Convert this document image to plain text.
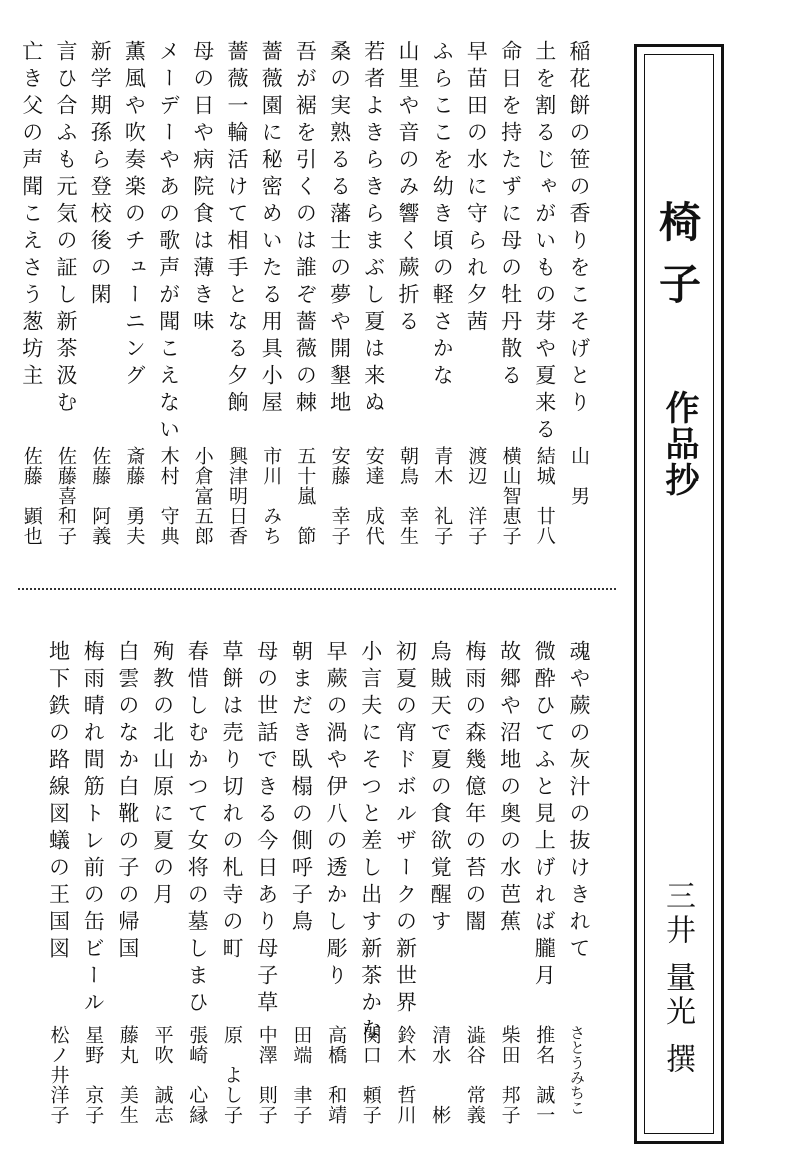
椅子
作品抄
三井 量光 撰
稲花餅の笹の香りをこそげとり
山　男
土を割るじゃがいもの芽や夏来る
結城　廿八
命日を持たずに母の牡丹散る
横山智恵子
早苗田の水に守られ夕茜
渡辺　洋子
ふらここを幼き頃の軽さかな
青木　礼子
山里や音のみ響く蕨折る
朝鳥　幸生
若者よきらきらまぶし夏は来ぬ
安達　成代
桑の実熟るる藩士の夢や開墾地
安藤　幸子
吾が裾を引くのは誰ぞ薔薇の棘
五十嵐　節
薔薇園に秘密めいたる用具小屋
市川　みち
薔薇一輪活けて相手となる夕餉
興津明日香
母の日や病院食は薄き味
小倉富五郎
メーデーやあの歌声が聞こえない
木村　守典
薫風や吹奏楽のチューニング
斎藤　勇夫
新学期孫ら登校後の閑
佐藤　阿義
言ひ合ふも元気の証し新茶汲む
佐藤喜和子
亡き父の声聞こえさう葱坊主
佐藤　顕也
魂や蕨の灰汁の抜けきれて
さとうみちこ
微酔ひてふと見上げれば朧月
推名　誠一
故郷や沼地の奥の水芭蕉
柴田　邦子
梅雨の森幾億年の苔の闇
澁谷　常義
烏賊天で夏の食欲覚醒す
清水　　彬
初夏の宵ドボルザークの新世界
鈴木　哲川
小言夫にそつと差し出す新茶かな
関口　頼子
早蕨の渦や伊八の透かし彫り
高橋　和靖
朝まだき臥榻の側呼子鳥
田端　聿子
母の世話できる今日あり母子草
中澤　則子
草餅は売り切れの札寺の町
原　よし子
春惜しむかつて女将の墓しまひ
張崎　心縁
殉教の北山原に夏の月
平吹　誠志
白雲のなか白靴の子の帰国
藤丸　美生
梅雨晴れ間筋トレ前の缶ビール
星野　京子
地下鉄の路線図蟻の王国図
松ノ井洋子
